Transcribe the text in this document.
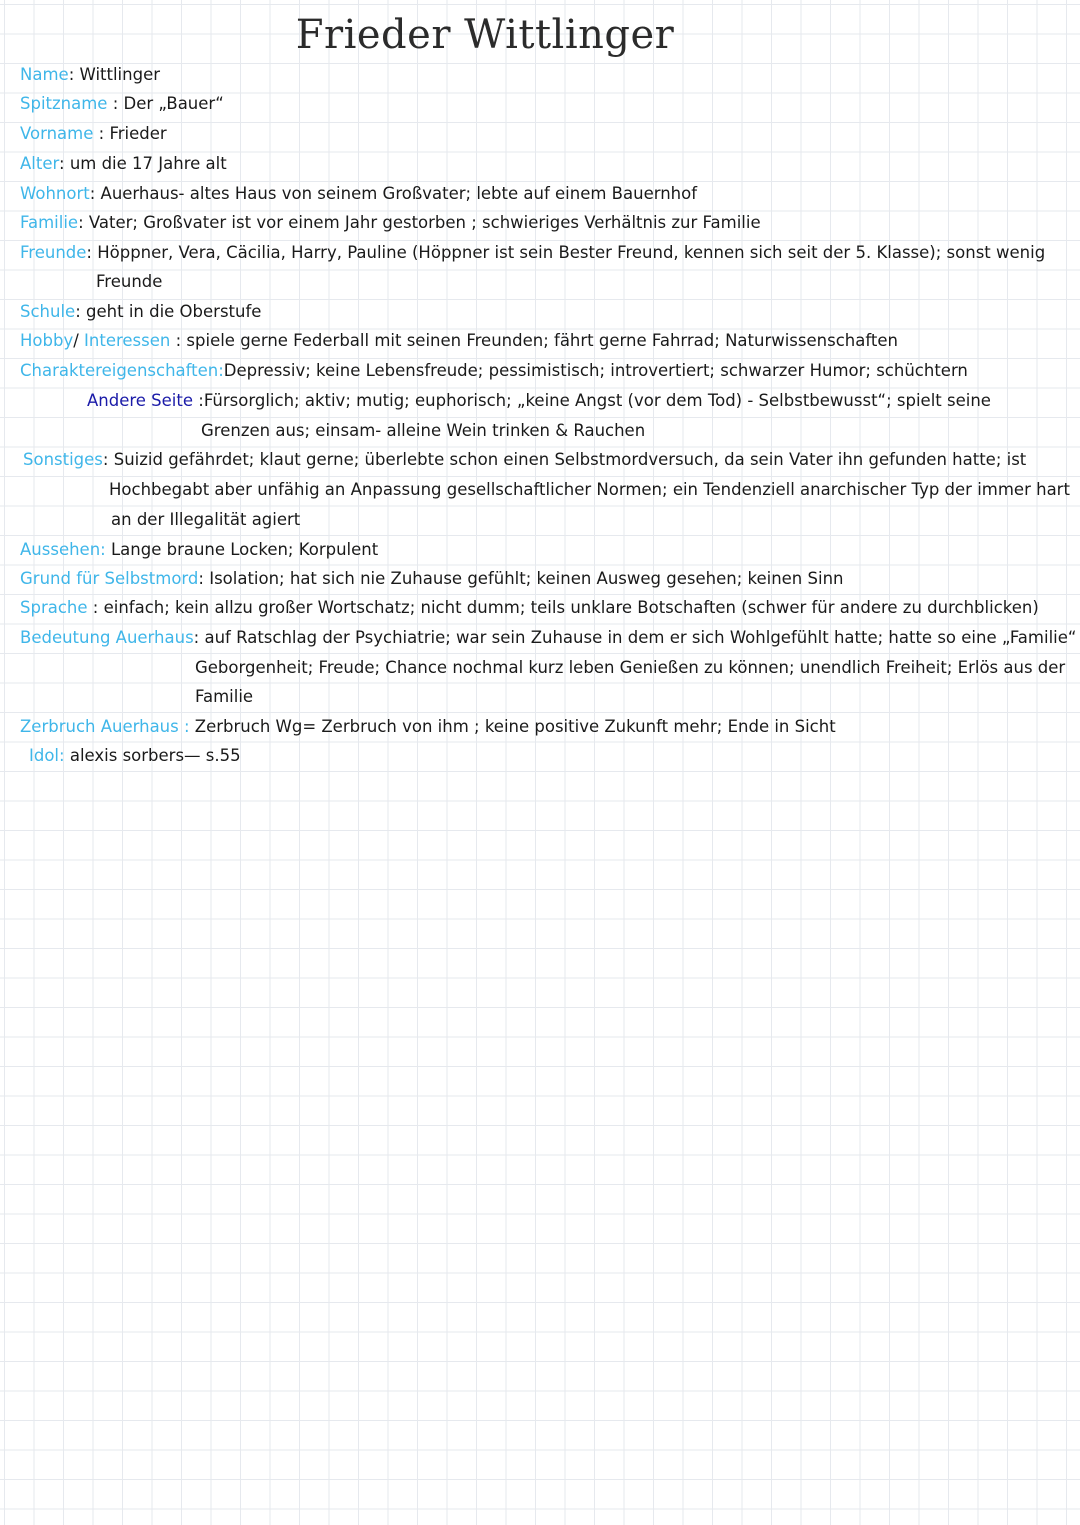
Frieder Wittlinger
Name: Wittlinger
Spitzname : Der „Bauer“
Vorname : Frieder
Alter: um die 17 Jahre alt
Wohnort: Auerhaus- altes Haus von seinem Großvater; lebte auf einem Bauernhof
Familie: Vater; Großvater ist vor einem Jahr gestorben ; schwieriges Verhältnis zur Familie
Freunde: Höppner, Vera, Cäcilia, Harry, Pauline (Höppner ist sein Bester Freund, kennen sich seit der 5. Klasse); sonst wenig
Freunde
Schule: geht in die Oberstufe
Hobby/ Interessen : spiele gerne Federball mit seinen Freunden; fährt gerne Fahrrad; Naturwissenschaften
Charaktereigenschaften:Depressiv; keine Lebensfreude; pessimistisch; introvertiert; schwarzer Humor; schüchtern
Andere Seite :Fürsorglich; aktiv; mutig; euphorisch; „keine Angst (vor dem Tod) - Selbstbewusst“; spielt seine
Grenzen aus; einsam- alleine Wein trinken & Rauchen
Sonstiges: Suizid gefährdet; klaut gerne; überlebte schon einen Selbstmordversuch, da sein Vater ihn gefunden hatte; ist
Hochbegabt aber unfähig an Anpassung gesellschaftlicher Normen; ein Tendenziell anarchischer Typ der immer hart
an der Illegalität agiert
Aussehen: Lange braune Locken; Korpulent
Grund für Selbstmord: Isolation; hat sich nie Zuhause gefühlt; keinen Ausweg gesehen; keinen Sinn
Sprache : einfach; kein allzu großer Wortschatz; nicht dumm; teils unklare Botschaften (schwer für andere zu durchblicken)
Bedeutung Auerhaus: auf Ratschlag der Psychiatrie; war sein Zuhause in dem er sich Wohlgefühlt hatte; hatte so eine „Familie“
Geborgenheit; Freude; Chance nochmal kurz leben Genießen zu können; unendlich Freiheit; Erlös aus der
Familie
Zerbruch Auerhaus : Zerbruch Wg= Zerbruch von ihm ; keine positive Zukunft mehr; Ende in Sicht
Idol: alexis sorbers— s.55
